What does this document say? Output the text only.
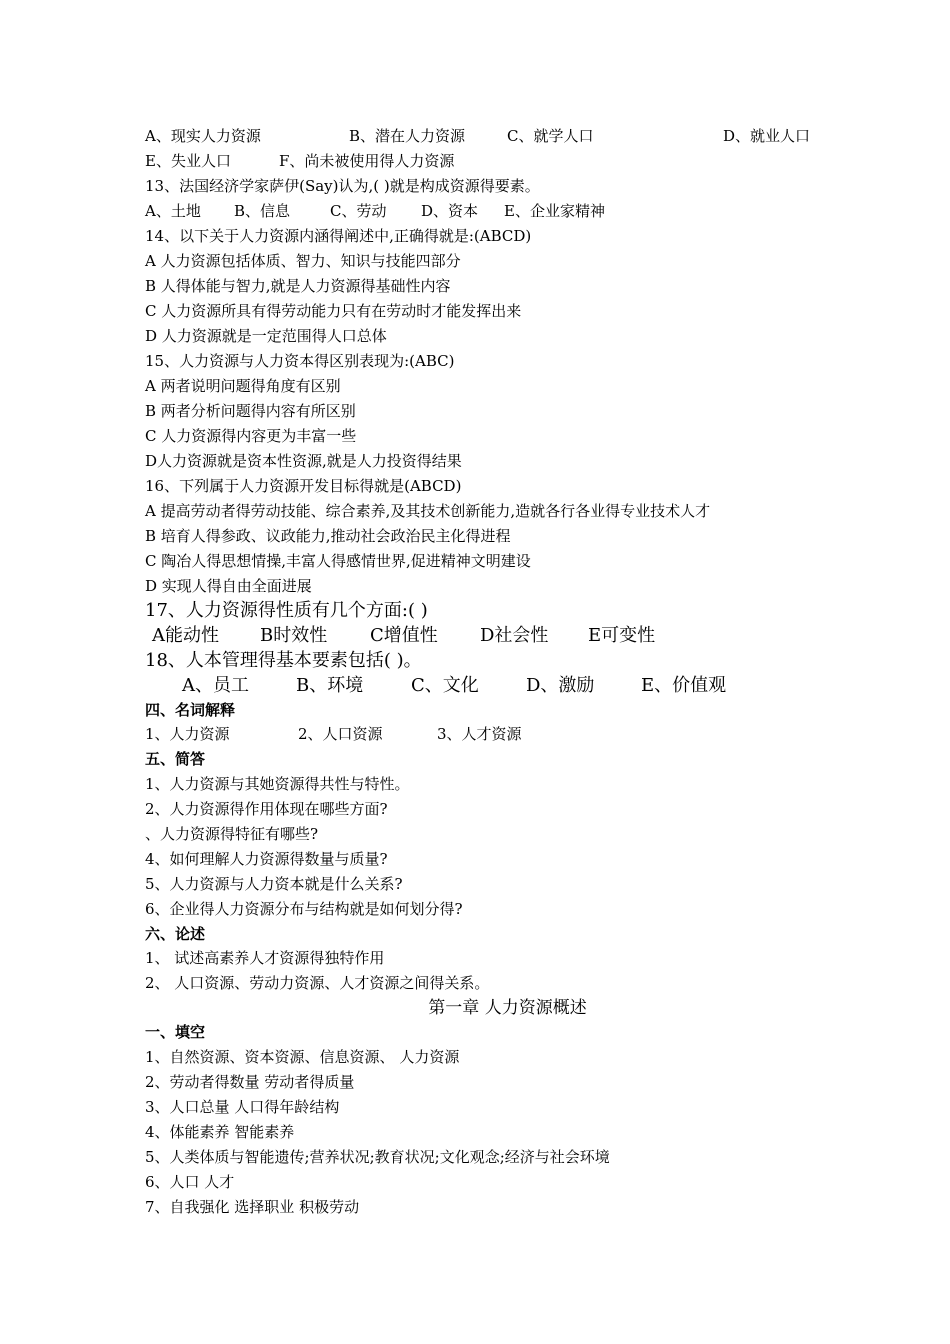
A、现实人力资源	B、潜在人力资源	C、就学人口	D、就业人口
E、失业人口	F、尚未被使用得人力资源
13、法国经济学家萨伊(Say)认为,( )就是构成资源得要素。
A、土地 B、信息	C、劳动 D、资本 E、企业家精神
14、以下关于人力资源内涵得阐述中,正确得就是:(ABCD)
A 人力资源包括体质、智力、知识与技能四部分
B 人得体能与智力,就是人力资源得基础性内容
C 人力资源所具有得劳动能力只有在劳动时才能发挥出来
D 人力资源就是一定范围得人口总体
15、人力资源与人力资本得区别表现为:(ABC)
A 两者说明问题得角度有区别
B 两者分析问题得内容有所区别
C 人力资源得内容更为丰富一些
D人力资源就是资本性资源,就是人力投资得结果
16、下列属于人力资源开发目标得就是(ABCD)
A 提高劳动者得劳动技能、综合素养,及其技术创新能力,造就各行各业得专业技术人才
B 培育人得参政、议政能力,推动社会政治民主化得进程
C 陶冶人得思想情操,丰富人得感情世界,促进精神文明建设
D 实现人得自由全面进展
17、人力资源得性质有几个方面:( )
A能动性 B时效性 C增值性 D社会性 E可变性
18、人本管理得基本要素包括( )。
A、员工	B、环境	C、文化	D、激励	E、价值观
四、名词解释
1、人力资源	2、人口资源	3、人才资源
五、简答
1、人力资源与其她资源得共性与特性。
2、人力资源得作用体现在哪些方面?
、人力资源得特征有哪些?
4、如何理解人力资源得数量与质量?
5、人力资源与人力资本就是什么关系?
6、企业得人力资源分布与结构就是如何划分得?
六、论述
1、 试述高素养人才资源得独特作用
2、 人口资源、劳动力资源、人才资源之间得关系。
第一章 人力资源概述
一、填空
1、自然资源、资本资源、信息资源、 人力资源
2、劳动者得数量 劳动者得质量
3、人口总量 人口得年龄结构
4、体能素养 智能素养
5、人类体质与智能遗传;营养状况;教育状况;文化观念;经济与社会环境
6、人口 人才
7、自我强化 选择职业 积极劳动
